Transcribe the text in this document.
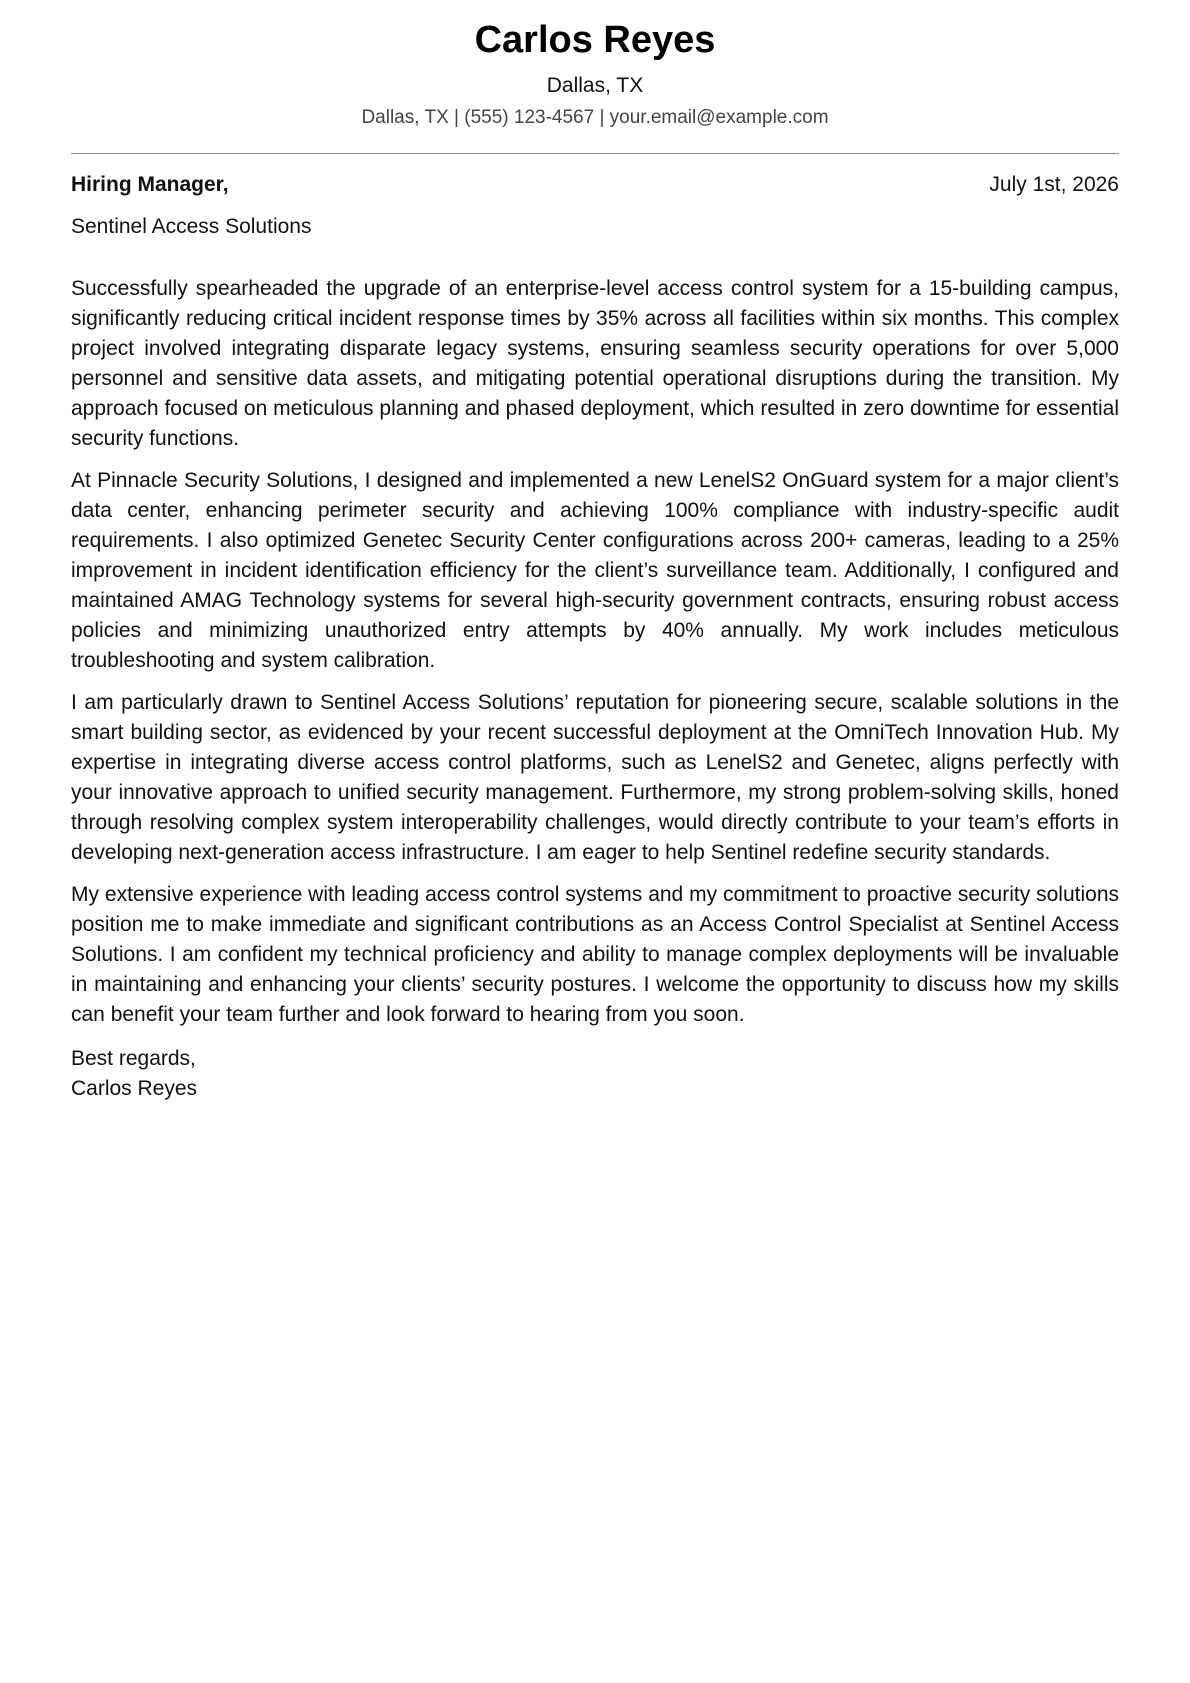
Carlos Reyes
Dallas, TX
Dallas, TX | (555) 123-4567 | your.email@example.com
Hiring Manager,	July 1st, 2026
Sentinel Access Solutions

Successfully spearheaded the upgrade of an enterprise-level access control system for a 15-building campus, significantly reducing critical incident response times by 35% across all facilities within six months. This complex project involved integrating disparate legacy systems, ensuring seamless security operations for over 5,000 personnel and sensitive data assets, and mitigating potential operational disruptions during the transition. My approach focused on meticulous planning and phased deployment, which resulted in zero downtime for essential security functions.

At Pinnacle Security Solutions, I designed and implemented a new LenelS2 OnGuard system for a major client’s data center, enhancing perimeter security and achieving 100% compliance with industry-specific audit requirements. I also optimized Genetec Security Center configurations across 200+ cameras, leading to a 25% improvement in incident identification efficiency for the client’s surveillance team. Additionally, I configured and maintained AMAG Technology systems for several high-security government contracts, ensuring robust access policies and minimizing unauthorized entry attempts by 40% annually. My work includes meticulous troubleshooting and system calibration.

I am particularly drawn to Sentinel Access Solutions’ reputation for pioneering secure, scalable solutions in the smart building sector, as evidenced by your recent successful deployment at the OmniTech Innovation Hub. My expertise in integrating diverse access control platforms, such as LenelS2 and Genetec, aligns perfectly with your innovative approach to unified security management. Furthermore, my strong problem-solving skills, honed through resolving complex system interoperability challenges, would directly contribute to your team’s efforts in developing next-generation access infrastructure. I am eager to help Sentinel redefine security standards.

My extensive experience with leading access control systems and my commitment to proactive security solutions position me to make immediate and significant contributions as an Access Control Specialist at Sentinel Access Solutions. I am confident my technical proficiency and ability to manage complex deployments will be invaluable in maintaining and enhancing your clients’ security postures. I welcome the opportunity to discuss how my skills can benefit your team further and look forward to hearing from you soon.

Best regards,
Carlos Reyes
